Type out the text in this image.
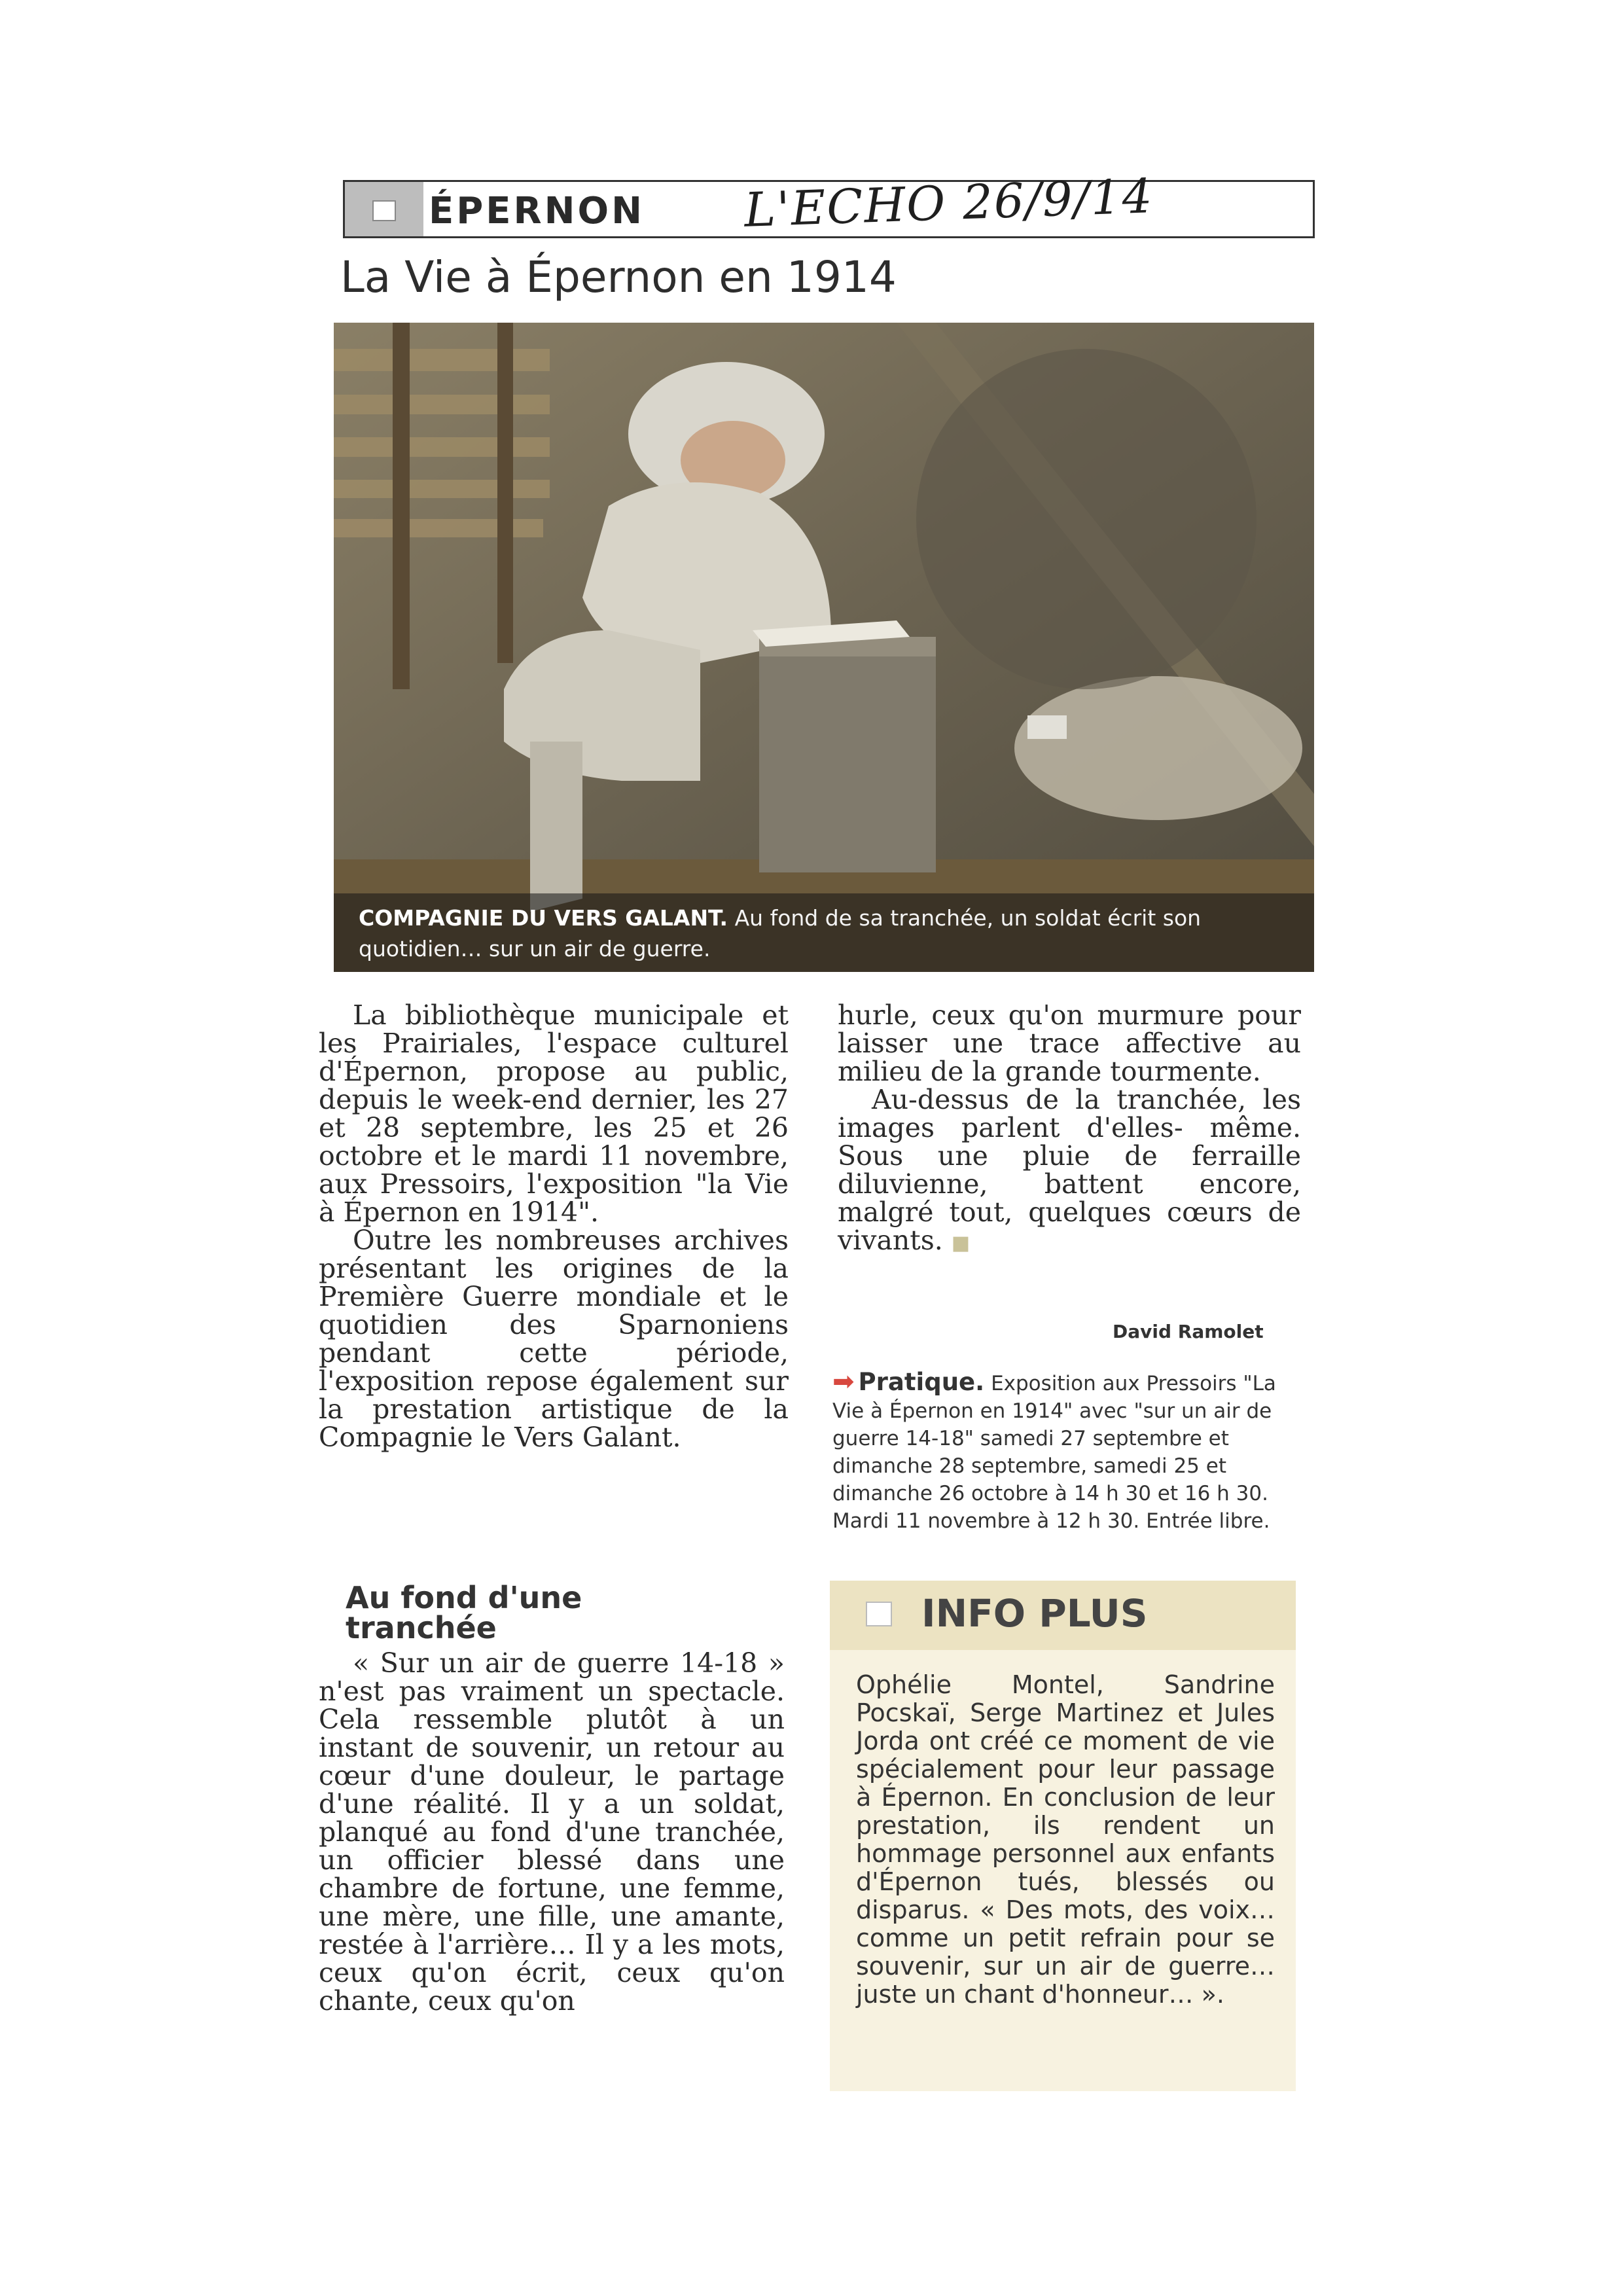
ÉPERNON L'ECHO 26/9/14
La Vie à Épernon en 1914
COMPAGNIE DU VERS GALANT. Au fond de sa tranchée, un soldat écrit son quotidien… sur un air de guerre.

La bibliothèque municipale et les Prairiales, l'espace culturel d'Épernon, propose au public, depuis le week-end dernier, les 27 et 28 septembre, les 25 et 26 octobre et le mardi 11 novembre, aux Pressoirs, l'exposition "la Vie à Épernon en 1914".

Outre les nombreuses archives présentant les origines de la Première Guerre mondiale et le quotidien des Sparnoniens pendant cette période, l'exposition repose également sur la prestation artistique de la Compagnie le Vers Galant.

Au fond d'une tranchée

« Sur un air de guerre 14-18 » n'est pas vraiment un spectacle. Cela ressemble plutôt à un instant de souvenir, un retour au cœur d'une douleur, le partage d'une réalité. Il y a un soldat, planqué au fond d'une tranchée, un officier blessé dans une chambre de fortune, une femme, une mère, une fille, une amante, restée à l'arrière… Il y a les mots, ceux qu'on écrit, ceux qu'on chante, ceux qu'on

hurle, ceux qu'on murmure pour laisser une trace affective au milieu de la grande tourmente.

Au-dessus de la tranchée, les images parlent d'elles- même. Sous une pluie de ferraille diluvienne, battent encore, malgré tout, quelques cœurs de vivants. ■

David Ramolet
➡ Pratique. Exposition aux Pressoirs "La Vie à Épernon en 1914" avec "sur un air de guerre 14-18" samedi 27 septembre et dimanche 28 septembre, samedi 25 et dimanche 26 octobre à 14 h 30 et 16 h 30. Mardi 11 novembre à 12 h 30. Entrée libre.
INFO PLUS
Ophélie Montel, Sandrine Pocskaï, Serge Martinez et Jules Jorda ont créé ce moment de vie spécialement pour leur passage à Épernon. En conclusion de leur prestation, ils rendent un hommage personnel aux enfants d'Épernon tués, blessés ou disparus. « Des mots, des voix… comme un petit refrain pour se souvenir, sur un air de guerre… juste un chant d'honneur… ».
